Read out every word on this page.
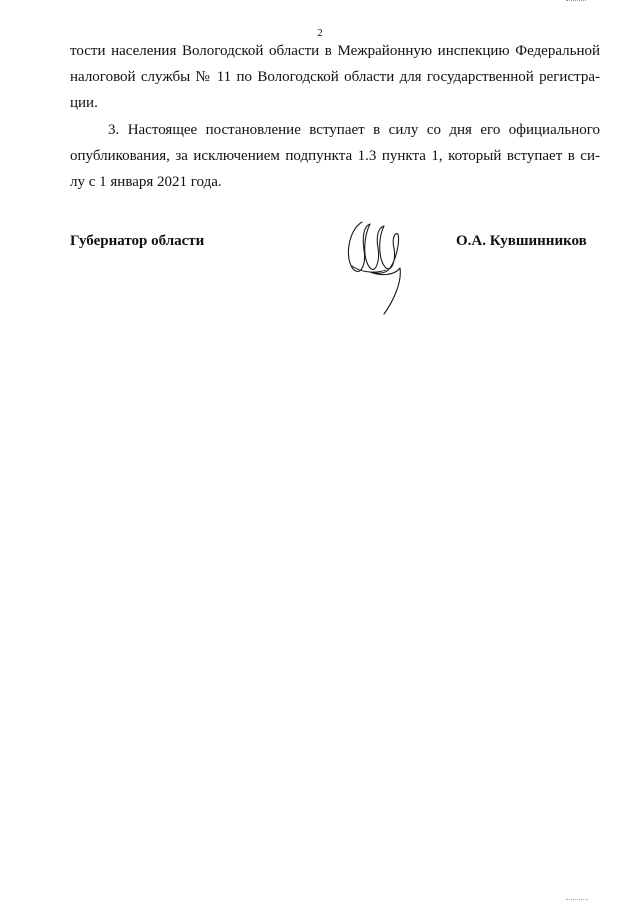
2
тости населения Вологодской области в Межрайонную инспекцию Федеральной
налоговой службы № 11 по Вологодской области для государственной регистра-
ции.
3. Настоящее постановление вступает в силу со дня его официального
опубликования, за исключением подпункта 1.3 пункта 1, который вступает в си-
лу с 1 января 2021 года.
Губернатор области	О.А. Кувшинников
